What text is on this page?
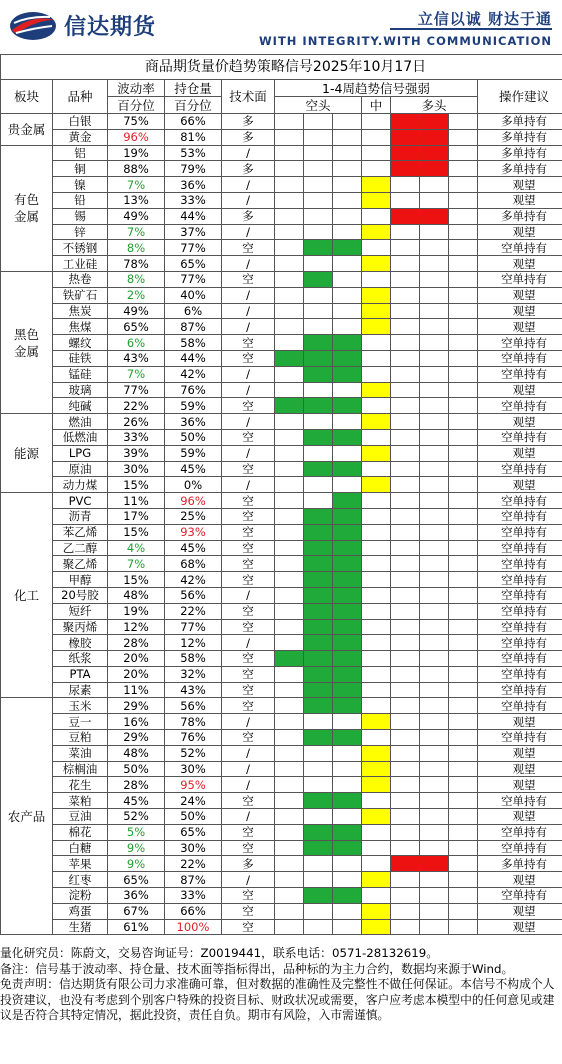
信达期货	立信以诚 财达于通
WITH INTEGRITY.WITH COMMUNICATION
商品期货量价趋势策略信号2025年10月17日												
板块	品种	波动率	持仓量	技术面	1-4周趋势信号强弱							操作建议
		百分位	百分位		空头			中	多头			
贵金属	白银	75%	66%	多								多单持有
	黄金	96%	81%	多								多单持有
有色
金属	铝	19%	53%	/								多单持有
	铜	88%	79%	多								多单持有
	镍	7%	36%	/								观望
	铅	13%	33%	/								观望
	锡	49%	44%	多								多单持有
	锌	7%	37%	/								观望
	不锈钢	8%	77%	空								空单持有
	工业硅	78%	65%	/								观望
黑色
金属	热卷	8%	77%	空								空单持有
	铁矿石	2%	40%	/								观望
	焦炭	49%	6%	/								观望
	焦煤	65%	87%	/								观望
	螺纹	6%	58%	空								空单持有
	硅铁	43%	44%	空								空单持有
	锰硅	7%	42%	/								空单持有
	玻璃	77%	76%	/								观望
	纯碱	22%	59%	空								空单持有
能源	燃油	26%	36%	/								观望
	低燃油	33%	50%	空								空单持有
	LPG	39%	59%	/								观望
	原油	30%	45%	空								空单持有
	动力煤	15%	0%	/								观望
化工	PVC	11%	96%	空								空单持有
	沥青	17%	25%	空								空单持有
	苯乙烯	15%	93%	空								空单持有
	乙二醇	4%	45%	空								空单持有
	聚乙烯	7%	68%	空								空单持有
	甲醇	15%	42%	空								空单持有
	20号胶	48%	56%	/								空单持有
	短纤	19%	22%	空								空单持有
	聚丙烯	12%	77%	空								空单持有
	橡胶	28%	12%	/								空单持有
	纸浆	20%	58%	空								空单持有
	PTA	20%	32%	空								空单持有
	尿素	11%	43%	空								空单持有
农产品	玉米	29%	56%	空								空单持有
	豆一	16%	78%	/								观望
	豆粕	29%	76%	空								空单持有
	菜油	48%	52%	/								观望
	棕榈油	50%	30%	/								观望
	花生	28%	95%	/								观望
	菜粕	45%	24%	空								空单持有
	豆油	52%	50%	/								观望
	棉花	5%	65%	空								空单持有
	白糖	9%	30%	空								空单持有
	苹果	9%	22%	多								多单持有
	红枣	65%	87%	/								观望
	淀粉	36%	33%	空								空单持有
	鸡蛋	67%	66%	空								观望
	生猪	61%	100%	空								观望
量化研究员：陈蔚文，交易咨询证号：Z0019441，联系电话：0571-28132619。
备注：信号基于波动率、持仓量、技术面等指标得出，品种标的为主力合约，数据均来源于Wind。
免责声明：信达期货有限公司力求准确可靠，但对数据的准确性及完整性不做任何保证。本信号不构成个人投资建议，也没有考虑到个别客户特殊的投资目标、财政状况或需要，客户应考虑本模型中的任何意见或建议是否符合其特定情况，据此投资，责任自负。期市有风险，入市需谨慎。
